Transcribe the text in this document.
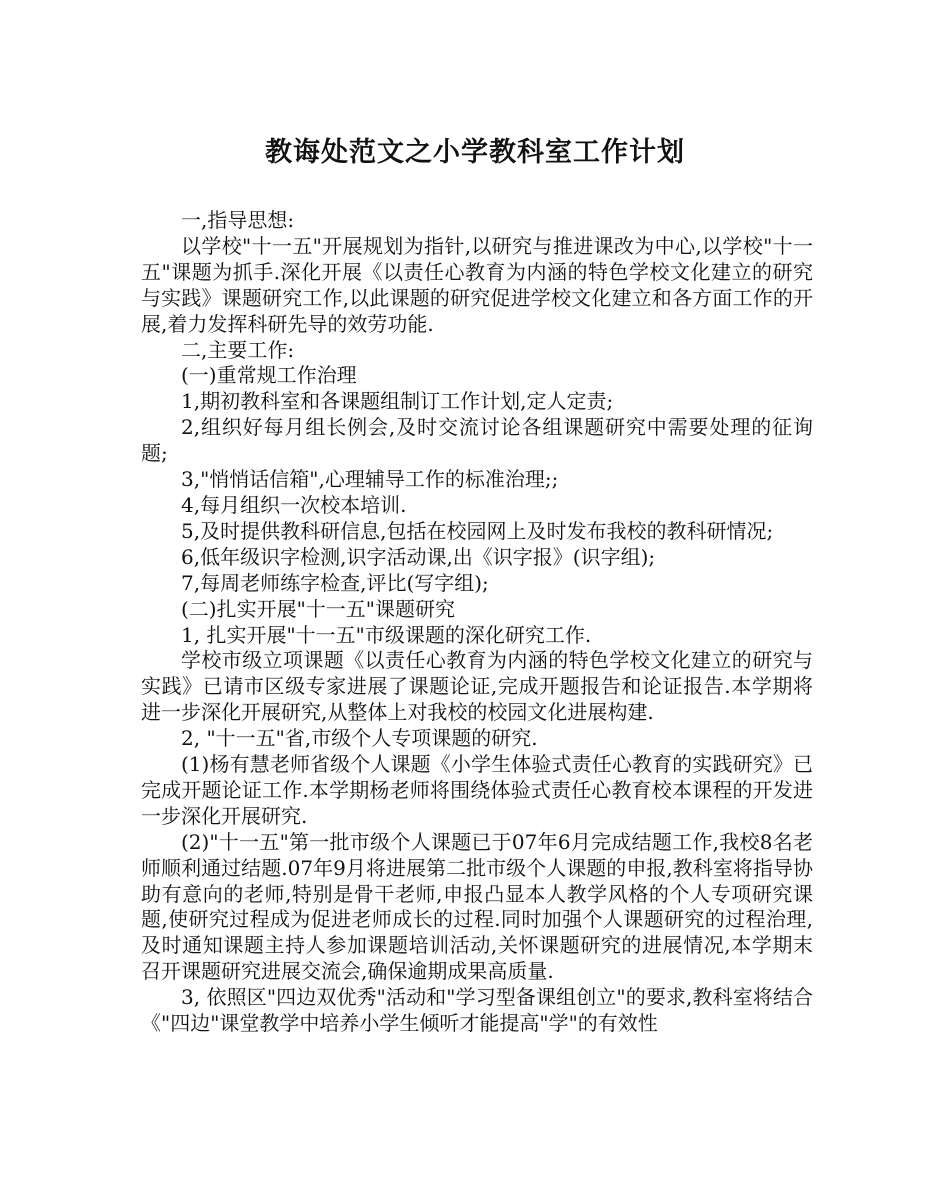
教诲处范文之小学教科室工作计划

一,指导思想:

以学校"十一五"开展规划为指针,以研究与推进课改为中心,以学校"十一五"课题为抓手.深化开展《以责任心教育为内涵的特色学校文化建立的研究与实践》课题研究工作,以此课题的研究促进学校文化建立和各方面工作的开展,着力发挥科研先导的效劳功能.

二,主要工作:

(一)重常规工作治理

1,期初教科室和各课题组制订工作计划,定人定责;

2,组织好每月组长例会,及时交流讨论各组课题研究中需要处理的征询题;

3,"悄悄话信箱",心理辅导工作的标准治理;;

4,每月组织一次校本培训.

5,及时提供教科研信息,包括在校园网上及时发布我校的教科研情况;

6,低年级识字检测,识字活动课,出《识字报》(识字组);

7,每周老师练字检查,评比(写字组);

(二)扎实开展"十一五"课题研究

1, 扎实开展"十一五"市级课题的深化研究工作.

学校市级立项课题《以责任心教育为内涵的特色学校文化建立的研究与实践》已请市区级专家进展了课题论证,完成开题报告和论证报告.本学期将进一步深化开展研究,从整体上对我校的校园文化进展构建.

2, "十一五"省,市级个人专项课题的研究.

(1)杨有慧老师省级个人课题《小学生体验式责任心教育的实践研究》已完成开题论证工作.本学期杨老师将围绕体验式责任心教育校本课程的开发进一步深化开展研究.

(2)"十一五"第一批市级个人课题已于07年6月完成结题工作,我校8名老师顺利通过结题.07年9月将进展第二批市级个人课题的申报,教科室将指导协助有意向的老师,特别是骨干老师,申报凸显本人教学风格的个人专项研究课题,使研究过程成为促进老师成长的过程.同时加强个人课题研究的过程治理,及时通知课题主持人参加课题培训活动,关怀课题研究的进展情况,本学期末召开课题研究进展交流会,确保逾期成果高质量.

3, 依照区"四边双优秀"活动和"学习型备课组创立"的要求,教科室将结合《"四边"课堂教学中培养小学生倾听才能提高"学"的有效性
